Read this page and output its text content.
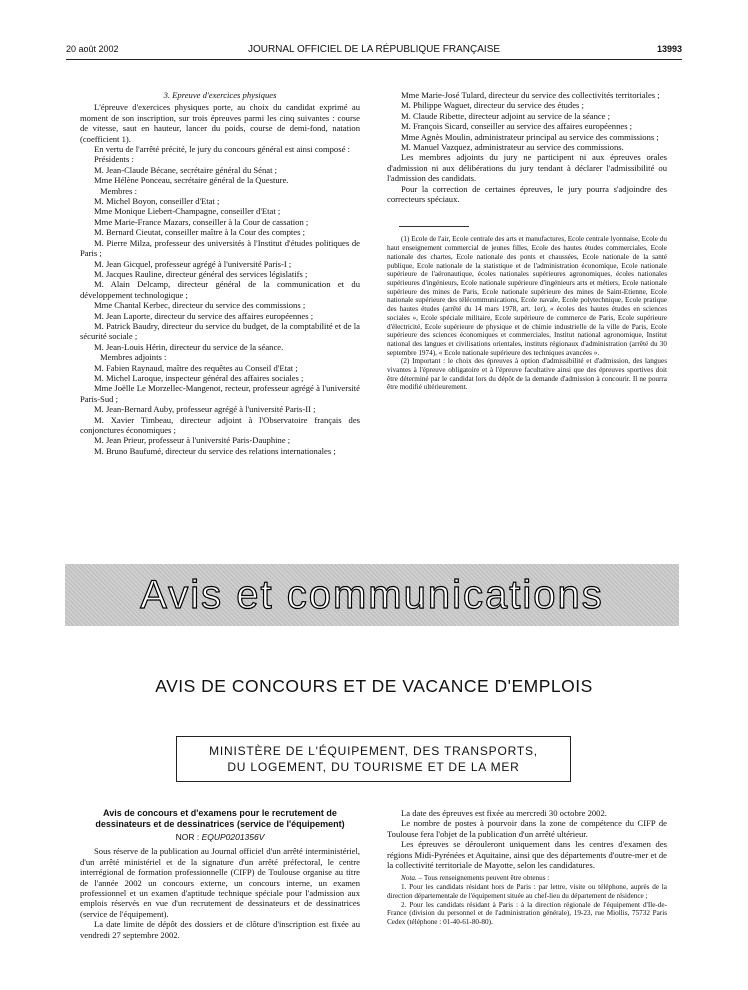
20 août 2002	JOURNAL OFFICIEL DE LA RÉPUBLIQUE FRANÇAISE	13993

3. Epreuve d'exercices physiques

L'épreuve d'exercices physiques porte, au choix du candidat exprimé au moment de son inscription, sur trois épreuves parmi les cinq suivantes : course de vitesse, saut en hauteur, lancer du poids, course de demi-fond, natation (coefficient 1).

En vertu de l'arrêté précité, le jury du concours général est ainsi composé :

Présidents :

M. Jean-Claude Bécane, secrétaire général du Sénat ;

Mme Hélène Ponceau, secrétaire général de la Questure.

Membres :

M. Michel Boyon, conseiller d'Etat ;

Mme Monique Liebert-Champagne, conseiller d'Etat ;

Mme Marie-France Mazars, conseiller à la Cour de cassation ;

M. Bernard Cieutat, conseiller maître à la Cour des comptes ;

M. Pierre Milza, professeur des universités à l'Institut d'études politiques de Paris ;

M. Jean Gicquel, professeur agrégé à l'université Paris-I ;

M. Jacques Rauline, directeur général des services législatifs ;

M. Alain Delcamp, directeur général de la communication et du développement technologique ;

Mme Chantal Kerbec, directeur du service des commissions ;

M. Jean Laporte, directeur du service des affaires européennes ;

M. Patrick Baudry, directeur du service du budget, de la comptabilité et de la sécurité sociale ;

M. Jean-Louis Hérin, directeur du service de la séance.

Membres adjoints :

M. Fabien Raynaud, maître des requêtes au Conseil d'Etat ;

M. Michel Laroque, inspecteur général des affaires sociales ;

Mme Joëlle Le Morzellec-Mangenot, recteur, professeur agrégé à l'université Paris-Sud ;

M. Jean-Bernard Auby, professeur agrégé à l'université Paris-II ;

M. Xavier Timbeau, directeur adjoint à l'Observatoire français des conjonctures économiques ;

M. Jean Prieur, professeur à l'université Paris-Dauphine ;

M. Bruno Baufumé, directeur du service des relations internationales ;

Mme Marie-José Tulard, directeur du service des collectivités territoriales ;

M. Philippe Waguet, directeur du service des études ;

M. Claude Ribette, directeur adjoint au service de la séance ;

M. François Sicard, conseiller au service des affaires européennes ;

Mme Agnès Moulin, administrateur principal au service des commissions ;

M. Manuel Vazquez, administrateur au service des commissions.

Les membres adjoints du jury ne participent ni aux épreuves orales d'admission ni aux délibérations du jury tendant à déclarer l'admissibilité ou l'admission des candidats.

Pour la correction de certaines épreuves, le jury pourra s'adjoindre des correcteurs spéciaux.

(1) Ecole de l'air, Ecole centrale des arts et manufactures, Ecole centrale lyonnaise, Ecole du haut enseignement commercial de jeunes filles, Ecole des hautes études commerciales, Ecole nationale des chartes, Ecole nationale des ponts et chaussées, Ecole nationale de la santé publique, Ecole nationale de la statistique et de l'administration économique, Ecole nationale supérieure de l'aéronautique, écoles nationales supérieures agronomiques, écoles nationales supérieures d'ingénieurs, Ecole nationale supérieure d'ingénieurs arts et métiers, Ecole nationale supérieure des mines de Paris, Ecole nationale supérieure des mines de Saint-Etienne, Ecole nationale supérieure des télécommunications, Ecole navale, Ecole polytechnique, Ecole pratique des hautes études (arrêté du 14 mars 1978, art. 1er), « écoles des hautes études en sciences sociales », Ecole spéciale militaire, Ecole supérieure de commerce de Paris, Ecole supérieure d'électricité, Ecole supérieure de physique et de chimie industrielle de la ville de Paris, Ecole supérieure des sciences économiques et commerciales, Institut national agronomique, Institut national des langues et civilisations orientales, instituts régionaux d'administration (arrêté du 30 septembre 1974), « Ecole nationale supérieure des techniques avancées ».

(2) Important : le choix des épreuves à option d'admissibilité et d'admission, des langues vivantes à l'épreuve obligatoire et à l'épreuve facultative ainsi que des épreuves sportives doit être déterminé par le candidat lors du dépôt de la demande d'admission à concourir. Il ne pourra être modifié ultérieurement.

Avis et communications
AVIS DE CONCOURS ET DE VACANCE D'EMPLOIS
MINISTÈRE DE L'ÉQUIPEMENT, DES TRANSPORTS,
DU LOGEMENT, DU TOURISME ET DE LA MER

Avis de concours et d'examens pour le recrutement de dessinateurs et de dessinatrices (service de l'équipement)

NOR : EQUP0201356V

Sous réserve de la publication au Journal officiel d'un arrêté interministériel, d'un arrêté ministériel et de la signature d'un arrêté préfectoral, le centre interrégional de formation professionnelle (CIFP) de Toulouse organise au titre de l'année 2002 un concours externe, un concours interne, un examen professionnel et un examen d'aptitude technique spéciale pour l'admission aux emplois réservés en vue d'un recrutement de dessinateurs et de dessinatrices (service de l'équipement).

La date limite de dépôt des dossiers et de clôture d'inscription est fixée au vendredi 27 septembre 2002.

La date des épreuves est fixée au mercredi 30 octobre 2002.

Le nombre de postes à pourvoir dans la zone de compétence du CIFP de Toulouse fera l'objet de la publication d'un arrêté ultérieur.

Les épreuves se dérouleront uniquement dans les centres d'examen des régions Midi-Pyrénées et Aquitaine, ainsi que des départements d'outre-mer et de la collectivité territoriale de Mayotte, selon les candidatures.

Nota. – Tous renseignements peuvent être obtenus :

1. Pour les candidats résidant hors de Paris : par lettre, visite ou téléphone, auprès de la direction départementale de l'équipement située au chef-lieu du département de résidence ;

2. Pour les candidats résidant à Paris : à la direction régionale de l'équipement d'Ile-de-France (division du personnel et de l'administration générale), 19-23, rue Miollis, 75732 Paris Cedex (téléphone : 01-40-61-80-80).
